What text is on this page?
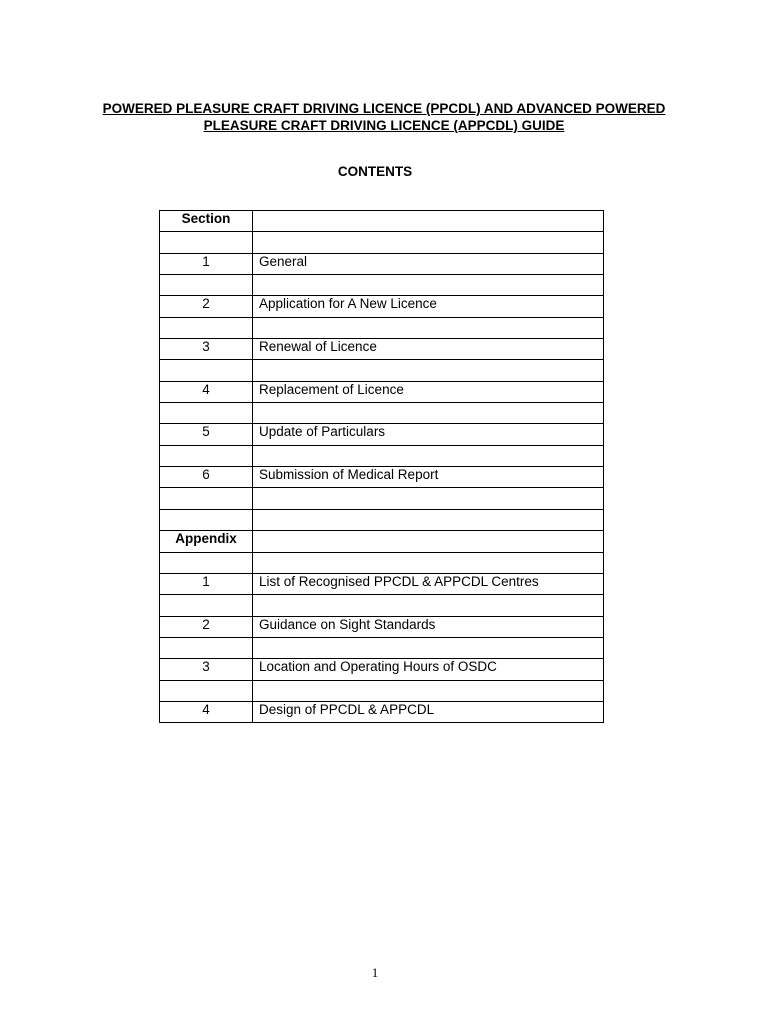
POWERED PLEASURE CRAFT DRIVING LICENCE (PPCDL) AND ADVANCED POWERED
PLEASURE CRAFT DRIVING LICENCE (APPCDL) GUIDE
CONTENTS
Section	

1	General

2	Application for A New Licence

3	Renewal of Licence

4	Replacement of Licence

5	Update of Particulars

6	Submission of Medical Report

Appendix	

1	List of Recognised PPCDL & APPCDL Centres

2	Guidance on Sight Standards

3	Location and Operating Hours of OSDC

4	Design of PPCDL & APPCDL
1
